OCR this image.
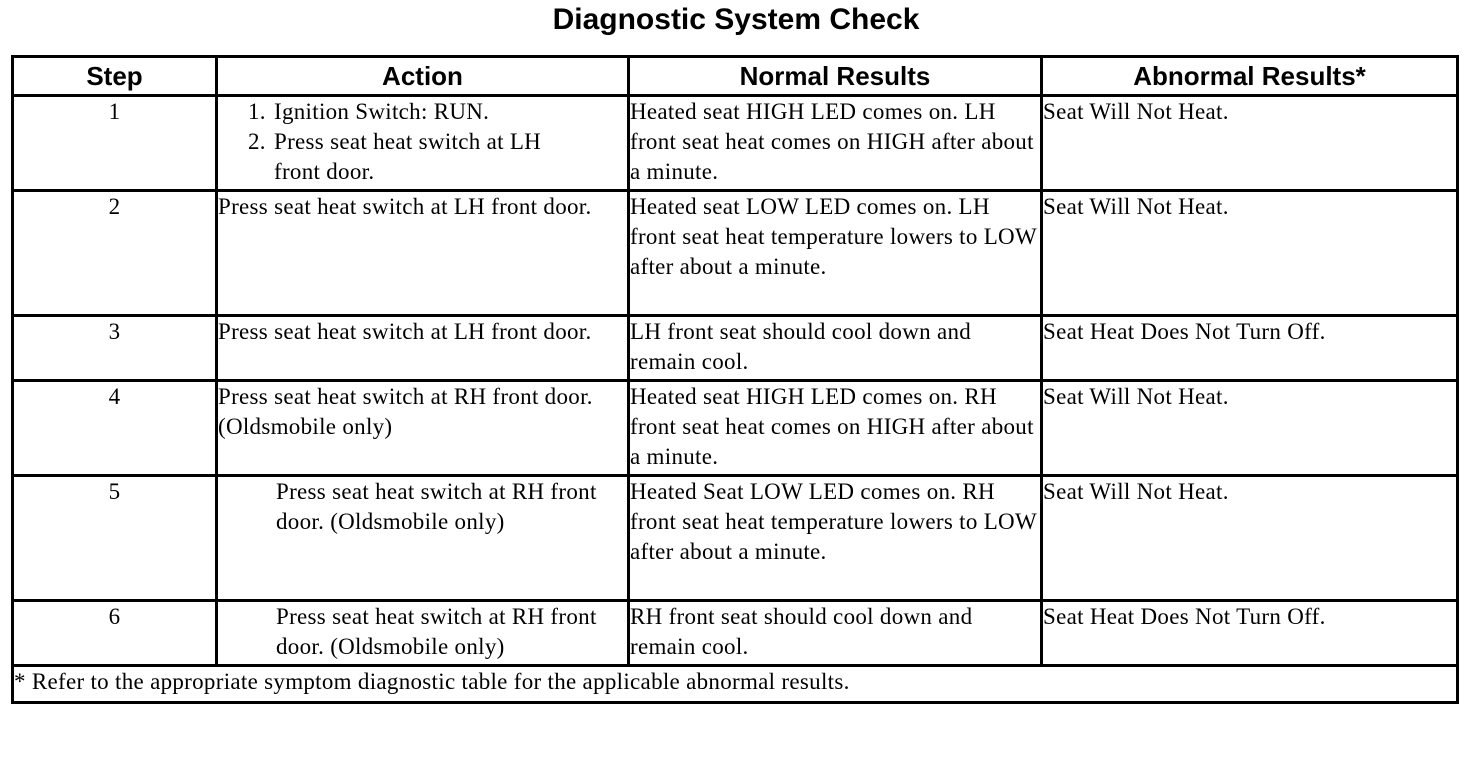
Diagnostic System Check
Step	Action	Normal Results	Abnormal Results*
1	1. Ignition Switch: RUN.
2. Press seat heat switch at LH
front door.	Heated seat HIGH LED comes on. LH front seat heat comes on HIGH after about a minute.	Seat Will Not Heat.
2	Press seat heat switch at LH front door.	Heated seat LOW LED comes on. LH front seat heat temperature lowers to LOW after about a minute.	Seat Will Not Heat.
3	Press seat heat switch at LH front door.	LH front seat should cool down and remain cool.	Seat Heat Does Not Turn Off.
4	Press seat heat switch at RH front door. (Oldsmobile only)	Heated seat HIGH LED comes on. RH front seat heat comes on HIGH after about a minute.	Seat Will Not Heat.
5	Press seat heat switch at RH front door. (Oldsmobile only)	Heated Seat LOW LED comes on. RH front seat heat temperature lowers to LOW after about a minute.	Seat Will Not Heat.
6	Press seat heat switch at RH front door. (Oldsmobile only)	RH front seat should cool down and remain cool.	Seat Heat Does Not Turn Off.
* Refer to the appropriate symptom diagnostic table for the applicable abnormal results.			
